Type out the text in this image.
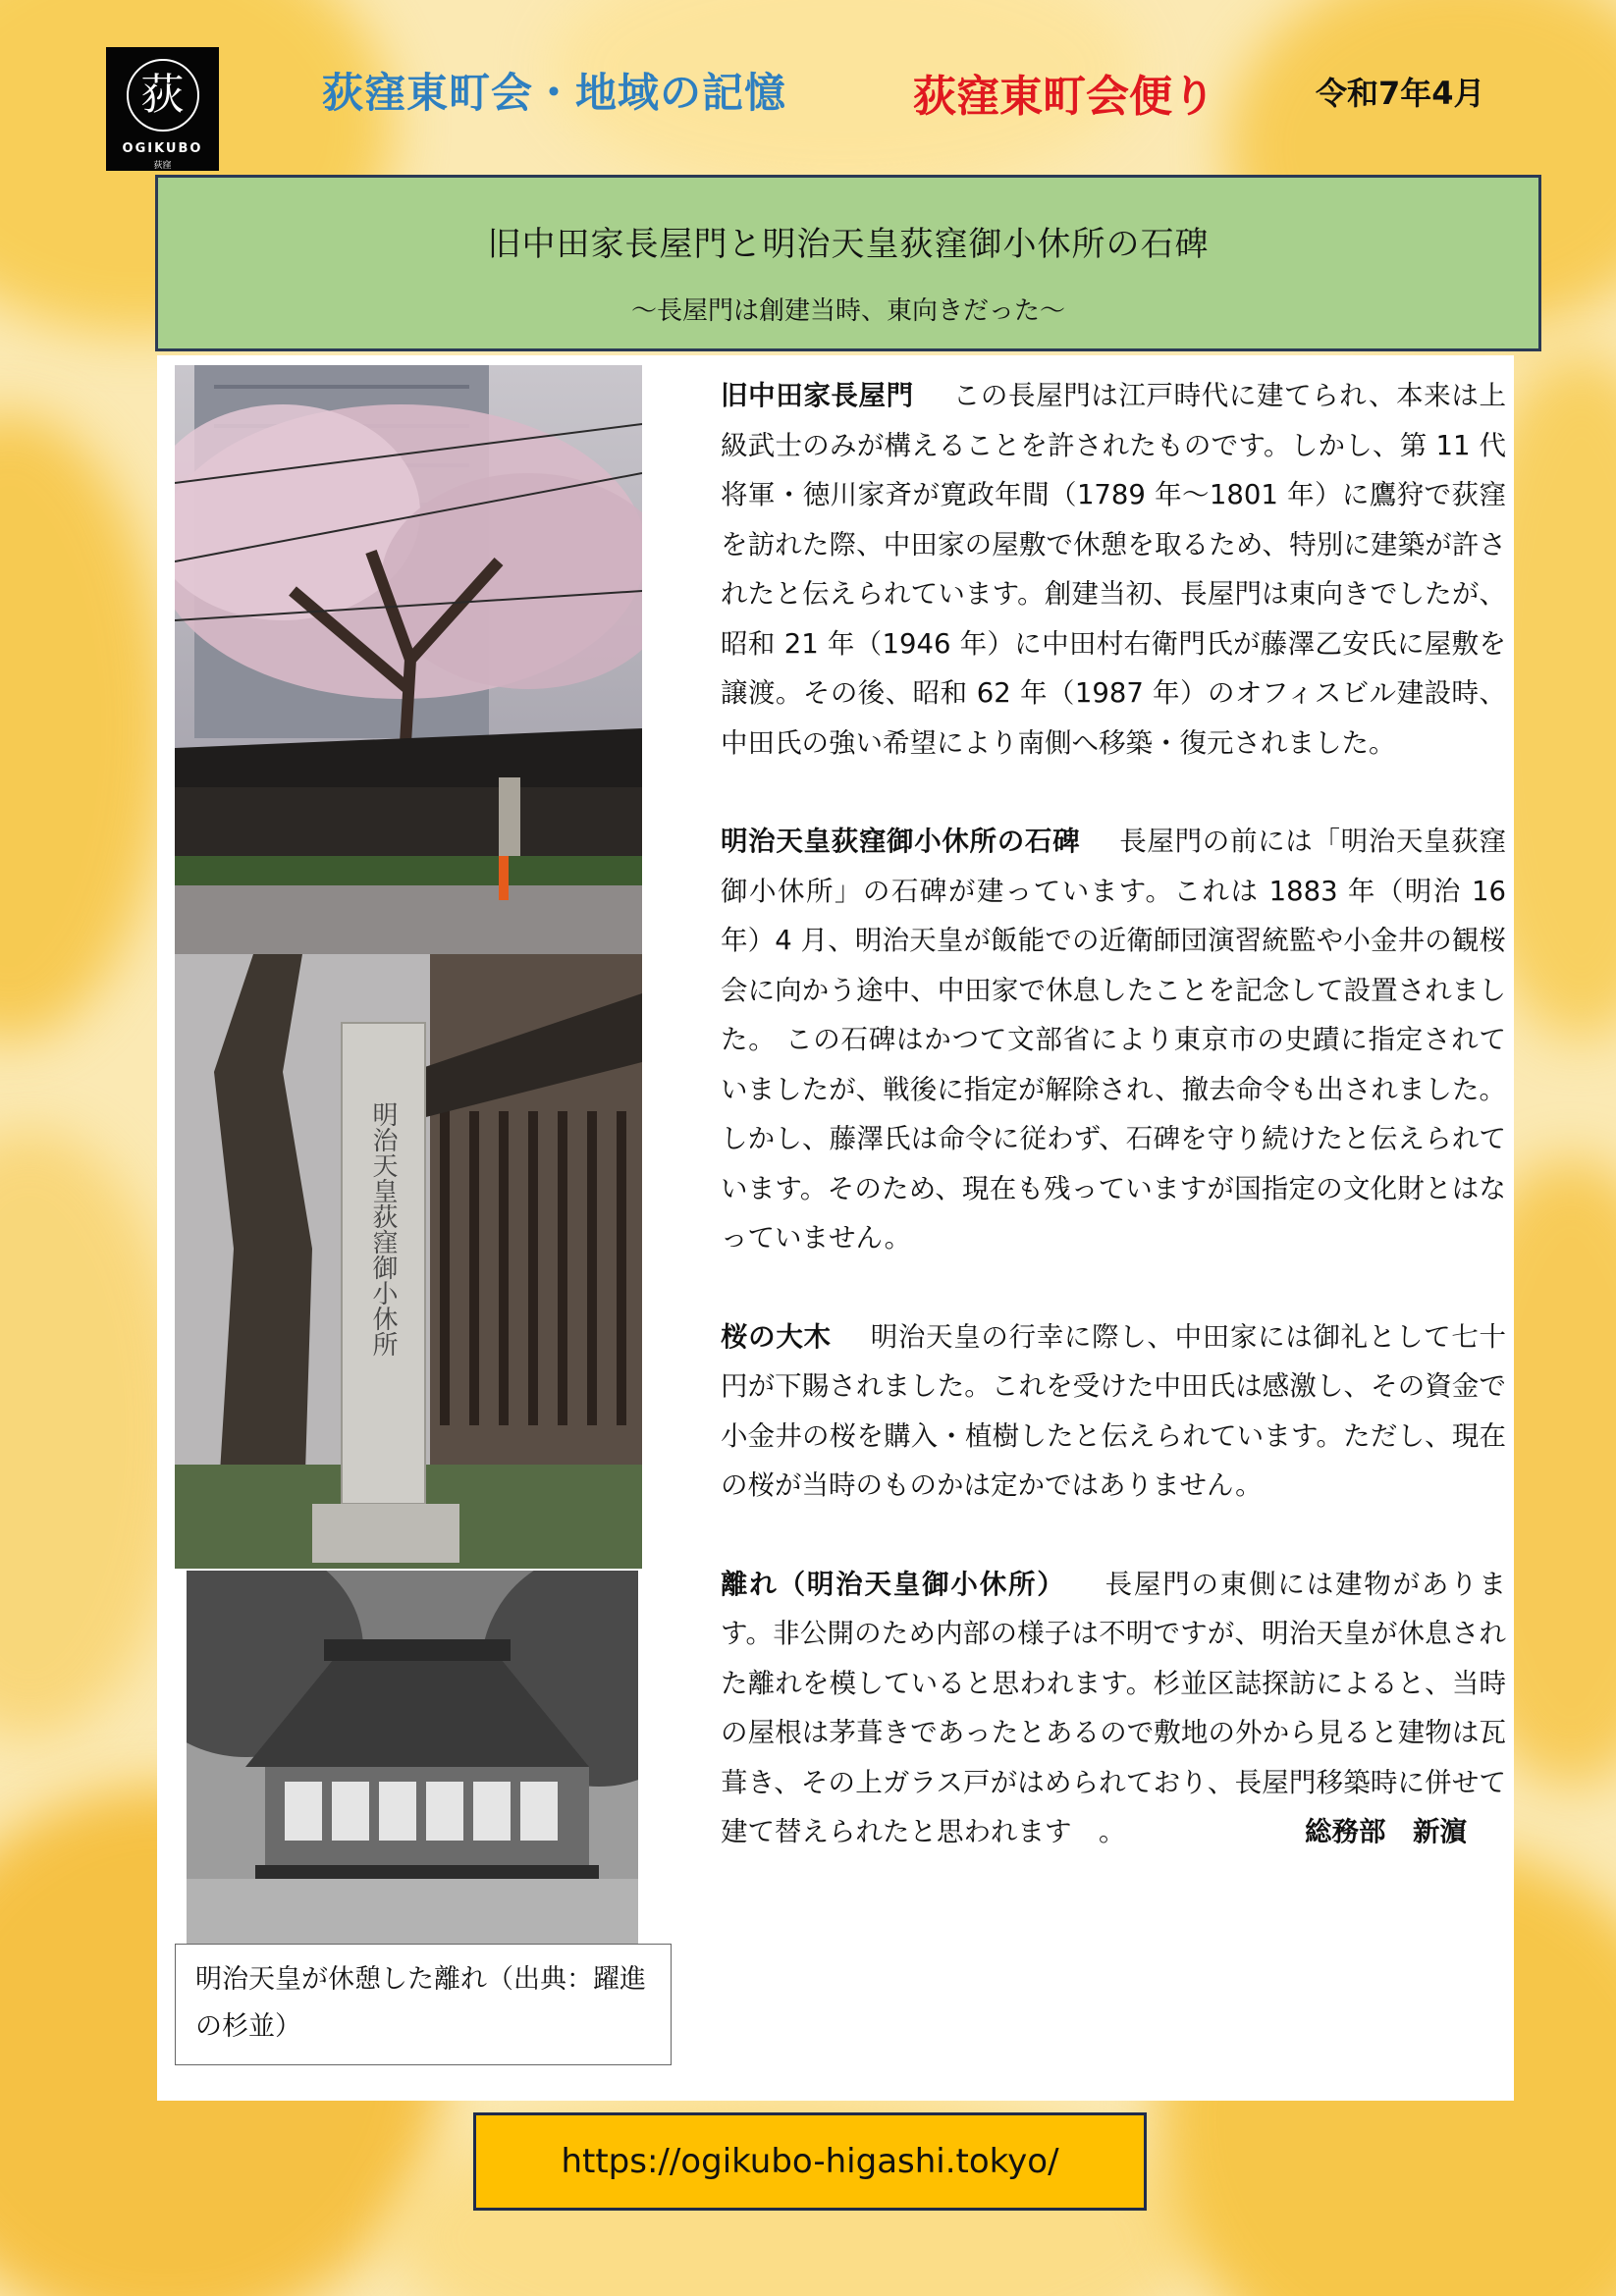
荻
OGIKUBO
荻窪
荻窪東町会・地域の記憶	荻窪東町会便り	令和7年4月
旧中田家長屋門と明治天皇荻窪御小休所の石碑
〜長屋門は創建当時、東向きだった〜
明治天皇荻窪御小休所
明治天皇が休憩した離れ（出典：躍進の杉並）

旧中田家長屋門 この長屋門は江戸時代に建てられ、本来は上級武士のみが構えることを許されたものです。しかし、第 11 代将軍・徳川家斉が寛政年間（1789 年〜1801 年）に鷹狩で荻窪を訪れた際、中田家の屋敷で休憩を取るため、特別に建築が許されたと伝えられています。創建当初、長屋門は東向きでしたが、昭和 21 年（1946 年）に中田村右衛門氏が藤澤乙安氏に屋敷を譲渡。その後、昭和 62 年（1987 年）のオフィスビル建設時、中田氏の強い希望により南側へ移築・復元されました。

明治天皇荻窪御小休所の石碑 長屋門の前には「明治天皇荻窪御小休所」の石碑が建っています。これは 1883 年（明治 16 年）4 月、明治天皇が飯能での近衛師団演習統監や小金井の観桜会に向かう途中、中田家で休息したことを記念して設置されました。 この石碑はかつて文部省により東京市の史蹟に指定されていましたが、戦後に指定が解除され、撤去命令も出されました。しかし、藤澤氏は命令に従わず、石碑を守り続けたと伝えられています。そのため、現在も残っていますが国指定の文化財とはなっていません。

桜の大木 明治天皇の行幸に際し、中田家には御礼として七十円が下賜されました。これを受けた中田氏は感激し、その資金で小金井の桜を購入・植樹したと伝えられています。ただし、現在の桜が当時のものかは定かではありません。

離れ（明治天皇御小休所） 長屋門の東側には建物があります。非公開のため内部の様子は不明ですが、明治天皇が休息された離れを模していると思われます。杉並区誌探訪によると、当時の屋根は茅葺きであったとあるので敷地の外から見ると建物は瓦葺き、その上ガラス戸がはめられており、長屋門移築時に併せて建て替えられたと思われます　。	総務部　新濵

https://ogikubo-higashi.tokyo/
